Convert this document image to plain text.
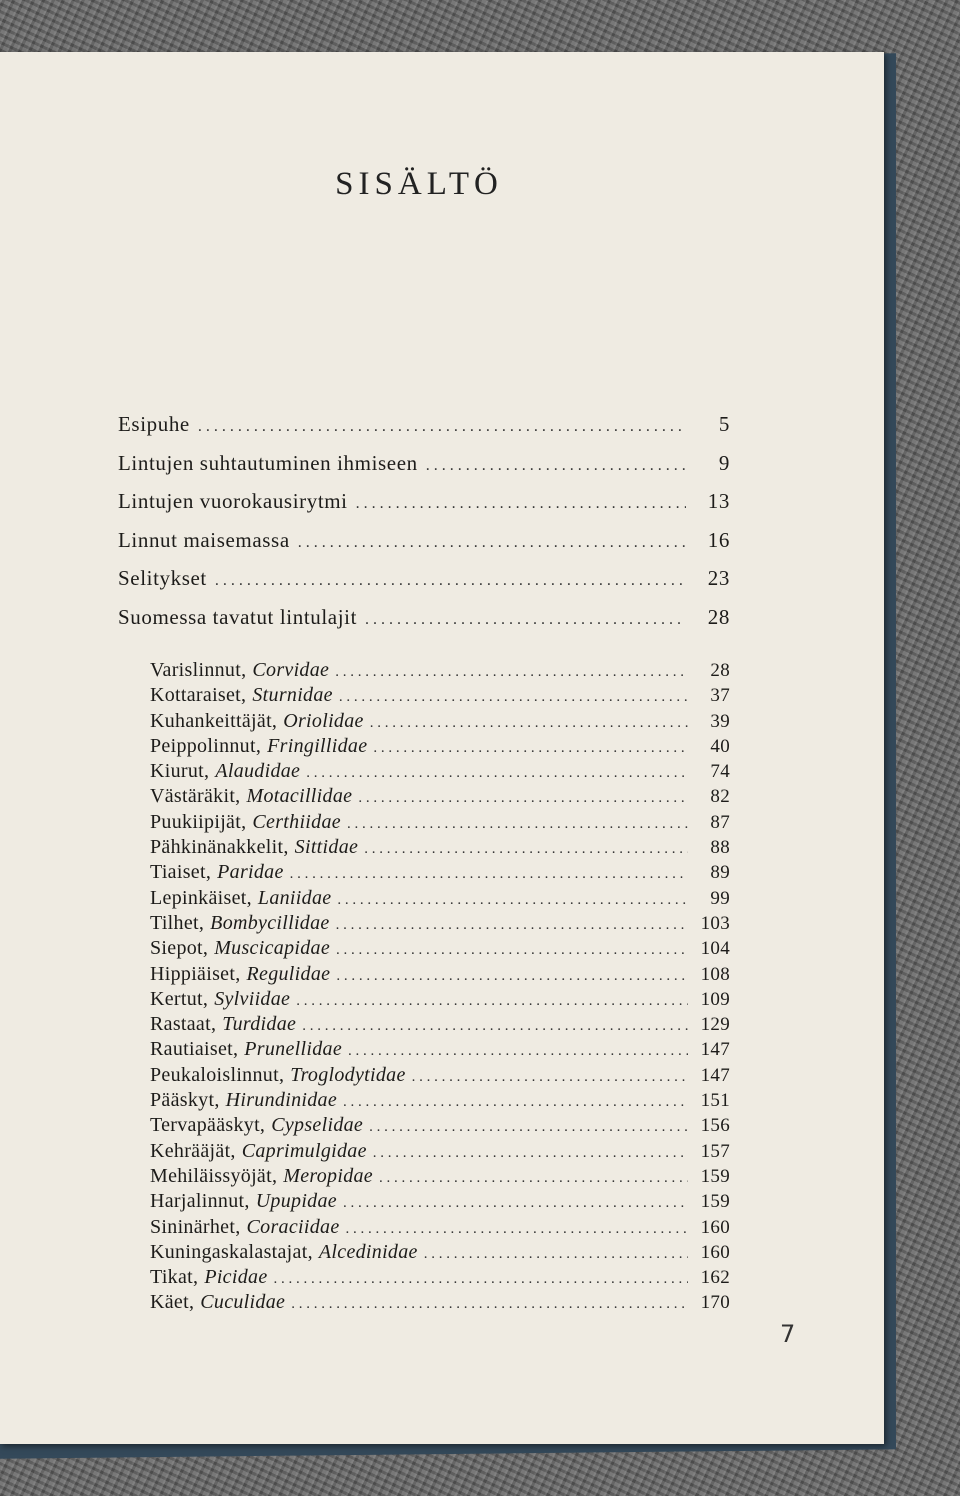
SISÄLTÖ
Esipuhe . . .	5
Lintujen suhtautuminen ihmiseen . . .	9
Lintujen vuorokausirytmi . . .	13
Linnut maisemassa . . .	16
Selitykset . . .	23
Suomessa tavatut lintulajit . . .	28
Varislinnut, Corvidae . . .	28
Kottaraiset, Sturnidae . . .	37
Kuhankeittäjät, Oriolidae . . .	39
Peippolinnut, Fringillidae . . .	40
Kiurut, Alaudidae . . .	74
Västäräkit, Motacillidae . . .	82
Puukiipijät, Certhiidae . . .	87
Pähkinänakkelit, Sittidae . . .	88
Tiaiset, Paridae . . .	89
Lepinkäiset, Laniidae . . .	99
Tilhet, Bombycillidae . . .	103
Siepot, Muscicapidae . . .	104
Hippiäiset, Regulidae . . .	108
Kertut, Sylviidae . . .	109
Rastaat, Turdidae . . .	129
Rautiaiset, Prunellidae . . .	147
Peukaloislinnut, Troglodytidae . . .	147
Pääskyt, Hirundinidae . . .	151
Tervapääskyt, Cypselidae . . .	156
Kehrääjät, Caprimulgidae . . .	157
Mehiläissyöjät, Meropidae . . .	159
Harjalinnut, Upupidae . . .	159
Sininärhet, Coraciidae . . .	160
Kuningaskalastajat, Alcedinidae . . .	160
Tikat, Picidae . . .	162
Käet, Cuculidae . . .	170
7
